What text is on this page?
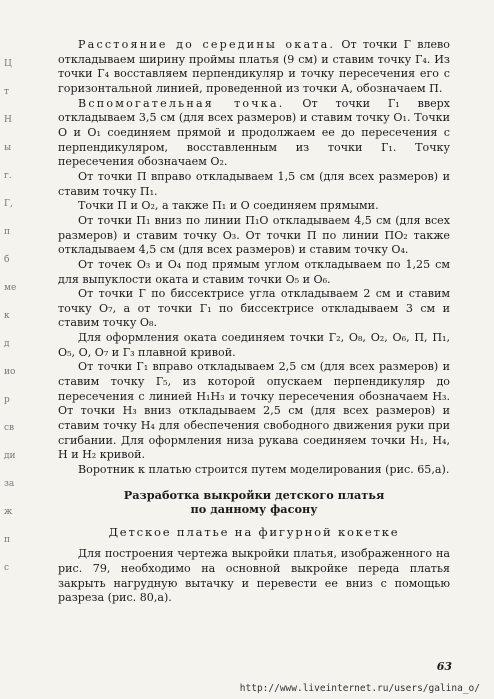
Ц
т
Н
ы
г.
Г,
п
б
ме
к
д
ио
р
св
ди
за
ж
п
с

Расстояние до середины оката. От точки Г влево откладываем ширину проймы платья (9 см) и ставим точку Г₄. Из точки Г₄ восставляем перпендикуляр и точку пересечения его с горизонтальной линией, проведенной из точки А, обозначаем П.

Вспомогательная точка. От точки Г₁ вверх откладываем 3,5 см (для всех размеров) и ставим точку О₁. Точки О и О₁ соединяем прямой и продолжаем ее до пересечения с перпендикуляром, восставленным из точки Г₁. Точку пересечения обозначаем О₂.

От точки П вправо откладываем 1,5 см (для всех размеров) и ставим точку П₁.

Точки П и О₂, а также П₁ и О соединяем прямыми.

От точки П₁ вниз по линии П₁О откладываем 4,5 см (для всех размеров) и ставим точку О₃. От точки П по линии ПО₂ также откладываем 4,5 см (для всех размеров) и ставим точку О₄.

От точек О₃ и О₄ под прямым углом откладываем по 1,25 см для выпуклости оката и ставим точки О₅ и О₆.

От точки Г по биссектрисе угла откладываем 2 см и ставим точку О₇, а от точки Г₁ по биссектрисе откладываем 3 см и ставим точку О₈.

Для оформления оката соединяем точки Г₂, О₈, О₂, О₆, П, П₁, О₅, О, О₇ и Г₃ плавной кривой.

От точки Г₁ вправо откладываем 2,5 см (для всех размеров) и ставим точку Г₅, из которой опускаем перпендикуляр до пересечения с линией Н₁Н₃ и точку пересечения обозначаем Н₃. От точки Н₃ вниз откладываем 2,5 см (для всех размеров) и ставим точку Н₄ для обеспечения свободного движения руки при сгибании. Для оформления низа рукава соединяем точки Н₁, Н₄, Н и Н₂ кривой.

Воротник к платью строится путем моделирования (рис. 65,а).

Разработка выкройки детского платья
по данному фасону
Детское платье на фигурной кокетке

Для построения чертежа выкройки платья, изображенного на рис. 79, необходимо на основной выкройке переда платья закрыть нагрудную вытачку и перевести ее вниз с помощью разреза (рис. 80,а).

63
http://www.liveinternet.ru/users/galina_o/
